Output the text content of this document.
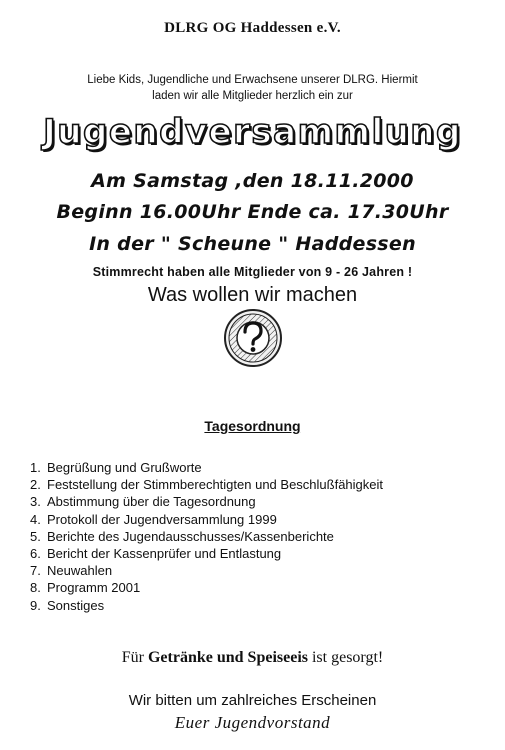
DLRG OG Haddessen e.V.
Liebe Kids, Jugendliche und Erwachsene unserer DLRG. Hiermit
laden wir alle Mitglieder herzlich ein zur
Jugendversammlung
Am Samstag ,den 18.11.2000
Beginn 16.00Uhr Ende ca. 17.30Uhr
In der " Scheune " Haddessen
Stimmrecht haben alle Mitglieder von 9 - 26 Jahren !
Was wollen wir machen
Tagesordnung
1. Begrüßung und Grußworte
2. Feststellung der Stimmberechtigten und Beschlußfähigkeit
3. Abstimmung über die Tagesordnung
4. Protokoll der Jugendversammlung 1999
5. Berichte des Jugendausschusses/Kassenberichte
6. Bericht der Kassenprüfer und Entlastung
7. Neuwahlen
8. Programm 2001
9. Sonstiges
Für Getränke und Speiseeis ist gesorgt!
Wir bitten um zahlreiches Erscheinen
Euer Jugendvorstand
